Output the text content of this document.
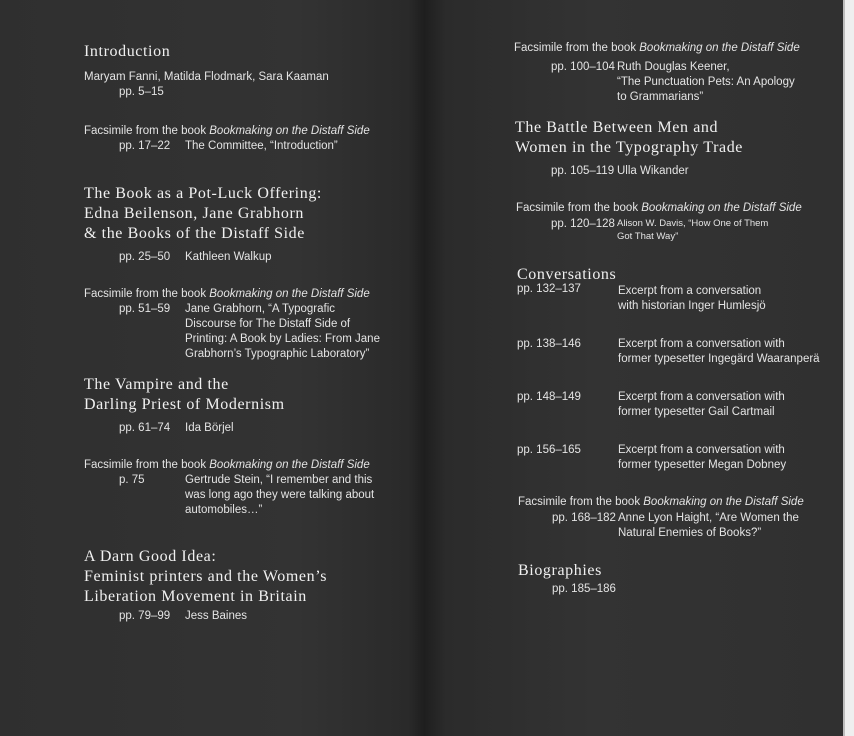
Introduction
Maryam Fanni, Matilda Flodmark, Sara Kaaman
pp. 5–15
Facsimile from the book Bookmaking on the Distaff Side
pp. 17–22 The Committee, “Introduction”
The Book as a Pot-Luck Offering:
Edna Beilenson, Jane Grabhorn
& the Books of the Distaff Side
pp. 25–50 Kathleen Walkup
Facsimile from the book Bookmaking on the Distaff Side
pp. 51–59 Jane Grabhorn, “A Typografic
Discourse for The Distaff Side of
Printing: A Book by Ladies: From Jane
Grabhorn’s Typographic Laboratory”
The Vampire and the
Darling Priest of Modernism
pp. 61–74 Ida Börjel
Facsimile from the book Bookmaking on the Distaff Side
p. 75	Gertrude Stein, “I remember and this
was long ago they were talking about
automobiles…”
A Darn Good Idea:
Feminist printers and the Women’s
Liberation Movement in Britain
pp. 79–99 Jess Baines
Facsimile from the book Bookmaking on the Distaff Side
pp. 100–104 Ruth Douglas Keener,
“The Punctuation Pets: An Apology
to Grammarians”
The Battle Between Men and
Women in the Typography Trade
pp. 105–119 Ulla Wikander
Facsimile from the book Bookmaking on the Distaff Side
pp. 120–128 Alison W. Davis, “How One of Them
Got That Way”
Conversations
pp. 132–137	Excerpt from a conversation
with historian Inger Humlesjö
pp. 138–146	Excerpt from a conversation with
former typesetter Ingegärd Waaranperä
pp. 148–149	Excerpt from a conversation with
former typesetter Gail Cartmail
pp. 156–165	Excerpt from a conversation with
former typesetter Megan Dobney
Facsimile from the book Bookmaking on the Distaff Side
pp. 168–182 Anne Lyon Haight, “Are Women the
Natural Enemies of Books?”
Biographies
pp. 185–186
